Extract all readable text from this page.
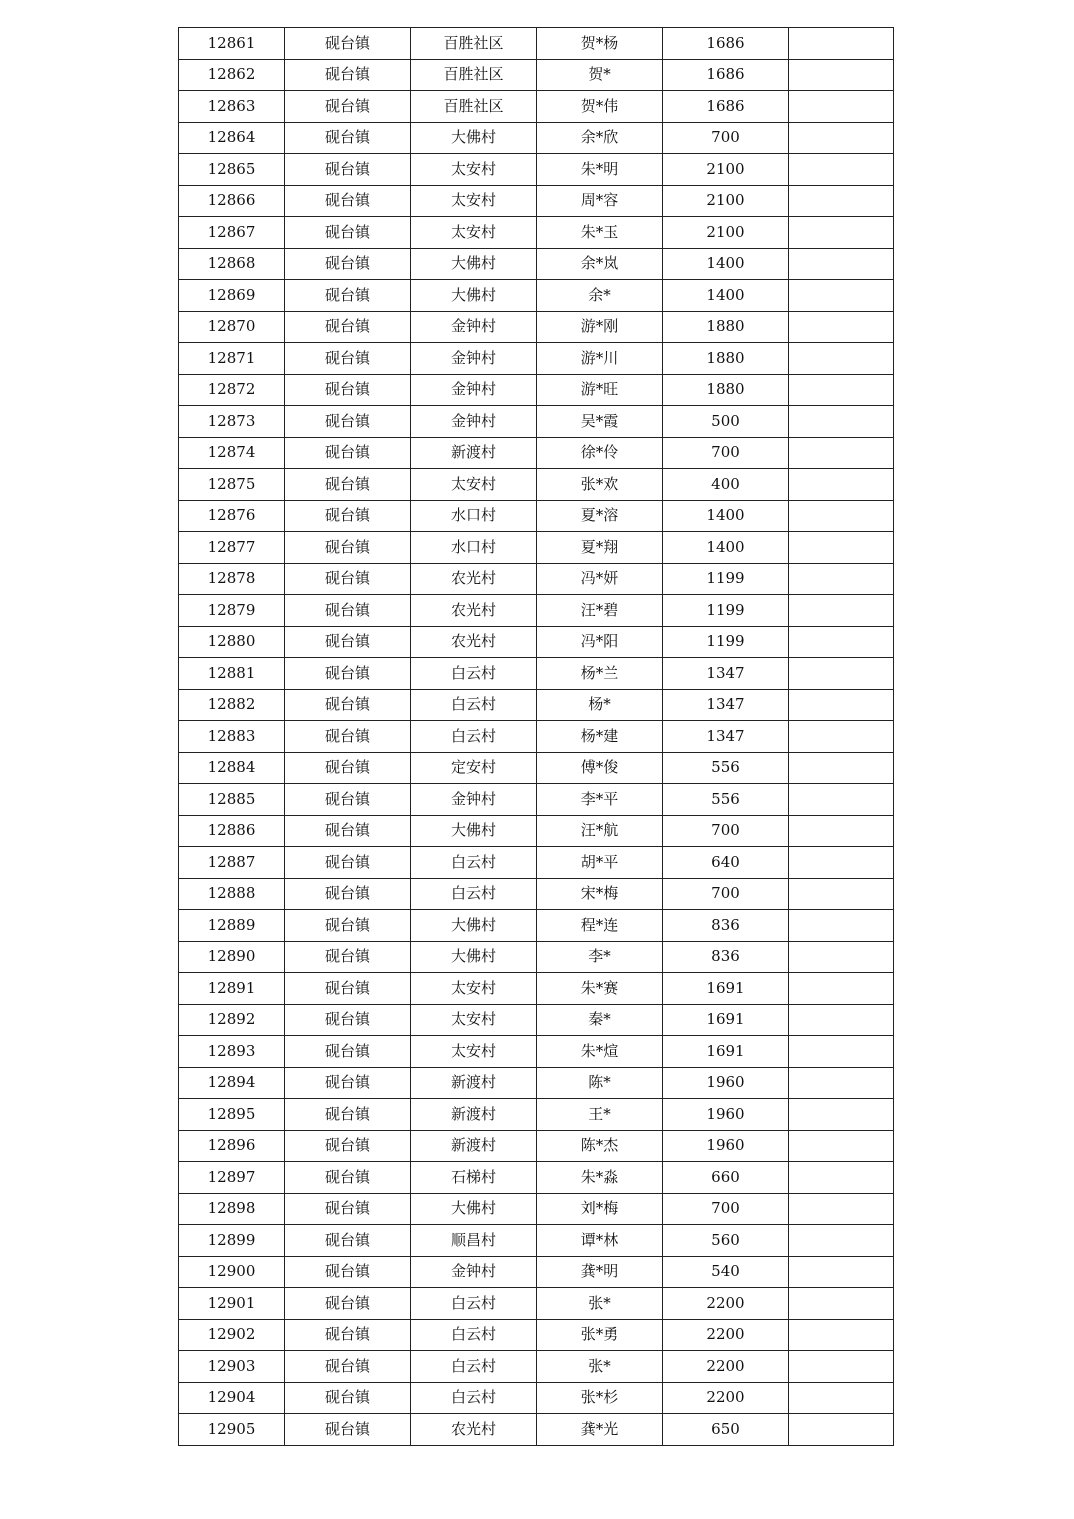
12861	砚台镇	百胜社区	贺*杨	1686	
12862	砚台镇	百胜社区	贺*	1686	
12863	砚台镇	百胜社区	贺*伟	1686	
12864	砚台镇	大佛村	余*欣	700	
12865	砚台镇	太安村	朱*明	2100	
12866	砚台镇	太安村	周*容	2100	
12867	砚台镇	太安村	朱*玉	2100	
12868	砚台镇	大佛村	余*岚	1400	
12869	砚台镇	大佛村	余*	1400	
12870	砚台镇	金钟村	游*刚	1880	
12871	砚台镇	金钟村	游*川	1880	
12872	砚台镇	金钟村	游*旺	1880	
12873	砚台镇	金钟村	吴*霞	500	
12874	砚台镇	新渡村	徐*伶	700	
12875	砚台镇	太安村	张*欢	400	
12876	砚台镇	水口村	夏*溶	1400	
12877	砚台镇	水口村	夏*翔	1400	
12878	砚台镇	农光村	冯*妍	1199	
12879	砚台镇	农光村	汪*碧	1199	
12880	砚台镇	农光村	冯*阳	1199	
12881	砚台镇	白云村	杨*兰	1347	
12882	砚台镇	白云村	杨*	1347	
12883	砚台镇	白云村	杨*建	1347	
12884	砚台镇	定安村	傅*俊	556	
12885	砚台镇	金钟村	李*平	556	
12886	砚台镇	大佛村	汪*航	700	
12887	砚台镇	白云村	胡*平	640	
12888	砚台镇	白云村	宋*梅	700	
12889	砚台镇	大佛村	程*连	836	
12890	砚台镇	大佛村	李*	836	
12891	砚台镇	太安村	朱*赛	1691	
12892	砚台镇	太安村	秦*	1691	
12893	砚台镇	太安村	朱*煊	1691	
12894	砚台镇	新渡村	陈*	1960	
12895	砚台镇	新渡村	王*	1960	
12896	砚台镇	新渡村	陈*杰	1960	
12897	砚台镇	石梯村	朱*淼	660	
12898	砚台镇	大佛村	刘*梅	700	
12899	砚台镇	顺昌村	谭*林	560	
12900	砚台镇	金钟村	龚*明	540	
12901	砚台镇	白云村	张*	2200	
12902	砚台镇	白云村	张*勇	2200	
12903	砚台镇	白云村	张*	2200	
12904	砚台镇	白云村	张*杉	2200	
12905	砚台镇	农光村	龚*光	650	
